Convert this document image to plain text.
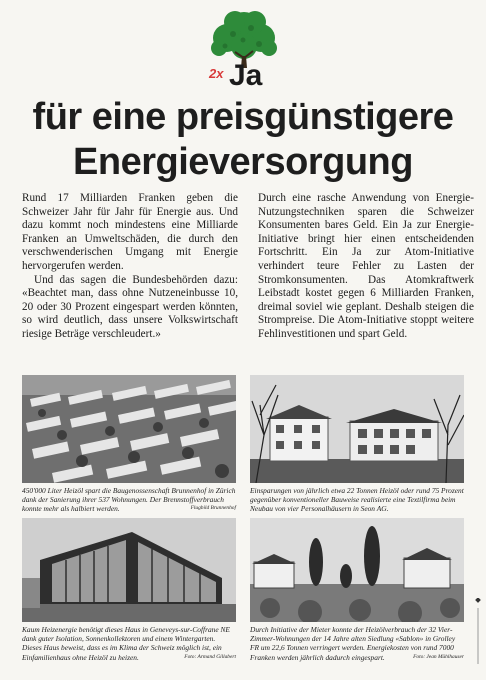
2x Ja
für eine preisgünstigere
Energieversorgung

Rund 17 Milliarden Franken geben die Schweizer Jahr für Jahr für Energie aus. Und dazu kommt noch mindestens eine Milliarde Franken an Umweltschäden, die durch den verschwenderischen Umgang mit Energie hervorgerufen werden.

Und das sagen die Bundesbehörden dazu: «Beachtet man, dass ohne Nutzeneinbusse 10, 20 oder 30 Prozent eingespart werden könnten, so wird deutlich, dass unsere Volkswirtschaft riesige Beträge verschleudert.»

Durch eine rasche Anwendung von Energie-Nutzungstechniken sparen die Schweizer Konsumenten bares Geld. Ein Ja zur Energie-Initiative bringt hier einen entscheidenden Fortschritt. Ein Ja zur Atom-Initiative verhindert teure Fehler zu Lasten der Stromkonsumenten. Das Atomkraftwerk Leibstadt kostet gegen 6 Milliarden Franken, dreimal soviel wie geplant. Deshalb steigen die Strompreise. Die Atom-Initiative stoppt weitere Fehlinvestitionen und spart Geld.

450'000 Liter Heizöl spart die Baugenossenschaft Brunnenhof in Zürich dank der Sanierung ihrer 537 Wohnungen. Der Brennstoffverbrauch konnte mehr als halbiert werden.	Flugbild Brunnenhof
Einsparungen von jährlich etwa 22 Tonnen Heizöl oder rund 75 Prozent gegenüber konventioneller Bauweise realisierte eine Textilfirma beim Neubau von vier Personalhäusern in Seon AG.
Kaum Heizenergie benötigt dieses Haus in Geneveys-sur-Coffrane NE dank guter Isolation, Sonnenkollektoren und einem Wintergarten. Dieses Haus beweist, dass es im Klima der Schweiz möglich ist, ein Einfamilienhaus ohne Heizöl zu heizen.	Foto: Armand Gillabert
Durch Initiative der Mieter konnte der Heizölverbrauch der 32 Vier-Zimmer-Wohnungen der 14 Jahre alten Siedlung «Sablon» in Grolley FR um 22,6 Tonnen verringert werden. Energiekosten von rund 7000 Franken werden jährlich dadurch eingespart.	Foto: Jean Mühlhauser
